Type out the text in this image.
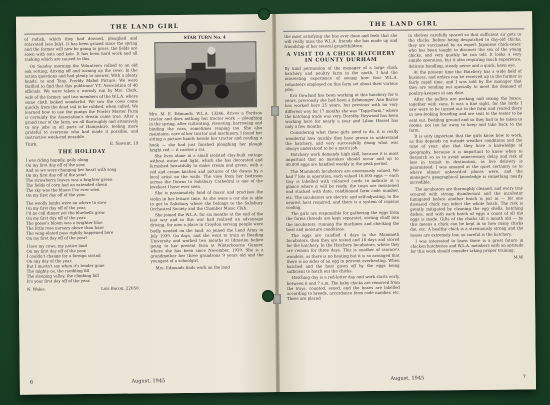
THE LAND GIRL

of radish, which they had dowsed, ploughed and rotavated (see July). It has been grazed since the spring and the farmer will now be going to grass, the fields are sown with oats and kale. It has been hard work and all ranking which are caused to this.

On Sunday morning the Volunteers rallied to an old oak setting, driving off and turning up the cows. In the action questions and had plenty to answer. With a plenty hands, to and Tony, Freddy Mabel Picture. We were thrilled to find that this publicans' Y.T. Association of 46 officials. We were taken a warmly run by Mrs. Clark, wife of the farmer, and two members of the W.L.A. where some cloth looked wonderful. We saw the cows come quickly from the dead tail to be rubbed, when called. We learned how to use the pumps the Fowler Master Farm is certainly the Association's dream come true. After a grand tour of the farm, we all thoroughly and attentively to any jobs in all parts of Hampshire, feeling more grateful to everyone who had made it possible, and instructive week-end possible.

Thirk.	E. Siavant, 19
THE HOLIDAY
I was riding happily, gaily along
On my first day off of the year,
And as we were changing her heart with song
On my first day off of the year!
The strawberry leaves was a brighter green
The fields of corn had an extended sheen
The sky was the bluest I've ever seen
On my first day off of the year.
The woolly lambs were on where to stew
On my first day off of the year,
I'd no call dinner yet the bluebells grow
On my first day off of the year.
The goose's bloom was a brighter blue
The little rose nursery above than haze
The wing-elated pass rightly happened here
On my first day off of the year!
I love my cows, my native land
On my first day off of the year,
I couldn't change for a foreign strand
On any day of the year.
But I mustn't say when it's tender gone
The mighty ox, the rambling fill
The sleeping valley, the climbing hill
It's your first day off of the year.
N. Wales.	Lois Bacon, 22050.
STAR TURN No. 4

Mrs. M. E. Edmunds, W.L.A. 13246, drives a Fordson tractor and does nothing but tractor work — ploughing in the spring, after cultivating, reversing, harrowing and binding the corn, sometimes reaping too. She also maintains, care of her tractor and machinery. I found her sitting a picture hands beside her tractor and reading a book — she had just finished ploughing her plough bright red — it carries a rat.

She lives alone in a small isolated clay-built cottage without water and light, which she has decorated and furnished beautifully to make cream and green, with a red and cream kitchen and pictures of the dawns by a local artist on the walls. The view from her bedroom across the Downs to Salisbury Cathedral is one of the loveliest I have ever seen.

She is passionately fond of music and practises the violin in her leisure time. As she owns a car she is able to get to Salisbury where she belongs to the Salisbury Orchestral Society and the Chamber Music Club.

She joined the W.L.A. for six months at the end of the last war and in this war had realised an advantage driving, for now a place in Croydon serving people were badly needed on the land, so joined the Land Army in July 1939. On days, and she went to train at Reading University and worked two months at Idmiston before going to her present farm at Winterbourne Gunner, where she has been since November, 1939. She is a grandmother her three grandsons 9 years old and the youngest of a schoolgirl.

Mrs. Edmunds finds work on the land

6	August, 1945
THE LAND GIRL

the most satisfying she has ever done and feels that she will really miss the W.L.A. friends she has made up and friendship of her several grandchildren.

A VISIT TO A CHICK HATCHERY IN COUNTY DURHAM

By kind permission of the manager of a large chick hatchery and poultry farm in the north, I had the interesting experience of seeing how four W.L.A. volunteers employed on this farm set about their various jobs.

Eva Gowland has been working at this hatchery for 6 years, previously she had been a fishmonger. Ann Barrie has worked here 25 years, but previous with no very different way for 17 months she was "Topp-Farm," where the hatching trade was very. Dorothy Heywood has been working here for nearly a year and Lilian Hassel has only a few months.

Considering what these girls need to do, it is really wonderful how quickly they have grown to understand the hatchery, and very successfully doing what was always understood to be a man's job.

Hatchery work demands high skill, because it is most important that no mistakes should occur and up to 40,000 eggs are handled weekly in the peak period.

The Mammoth Incubators are enormously valued. We had 7 lots in operation, each valued 16,000 eggs — each tray is labelled with coloured cards to indicate at a glance where it will be ready, the trays are moistened and stacked with date, conditioned farm code number, etc. The incubators are electric and self-adjusting, to the nearest heat required, and there is a system of copious cooling.

The girls are responsible for gathering the eggs from the farms (breeds are kept separate), sorting chaff into the incubators, running the machines and checking the heat and moisture conditions.

The eggs are candled 4 days in the Mammoth Incubators, then they are tested and 18 days and stored for the hatchery. In the Hatchery Incubators, where they are remain for three days. This is another of science's wonders, as there is no heating but it is so arranged that there is no sides of an egg to prevent overheating. When hatched and the heat given off by the eggs being sufficient to hatch out the chicks.

Hatching day is a red-letter day and work starts early, between 6 and 7 a.m. The baby chicks are removed from the trays, counted, sexed, and the boxes are labelled according to breeds, accordance farm code number, etc. These are placed

in shelves carefully spaced so that sufficient air gets to the chicks. Before being despatched to day-old chicks, they are vaccinated by an expert Japanese chick-sexer, who has been taught to discover the sex of the young chicks, and very quickly he can tell. It looks a very simple operation, but it also requiring much experience, delicate handling, steady nerve and a quick, keen eye.

At the present time the Hatchery has a wide field of business, and orders can be received up to the farmer in fairly rapid time, and I was told by the manager that they are sending out specially to meet the demand of poultry-keepers at any date.

After the pullets are packing and sexing the boxes, together with vans. It was a fine sight, for the birds I saw were to be turned out to the farm and reared there in new-looking breeding and are sent to the tester to be sent out. Bedding ground and so they had to be taken to rooms, not too far away to keep and take back to the farm.

It is very important that the girls know how to work, as this depends on outside weather conditions and the time of year; also that they have a knowledge of geography, because it is important to know when to despatch so as to avoid unnecessary delay and risk of loss in transit to destination, as live delivery is guaranteed. I was amazed at the quiet certainty as to where almost unheard-of places were, and the manager's geographical knowledge is something nearly incredible.

The incubators are thoroughly cleaned, and every tray scoured with strong disinfectant and the incubator fumigated before another batch is put in — for one diseased chick can infect the whole hatch. The risk is greatly mitigated by cleaning the egg shells, hatching dishes, and with each batch of eggs a count of all the eggs is made. Gifts of the chicks till a month old — by this means a chick can be kept in so how many chicks die, etc. A healthy chick is a strenuously strong and the losses are extremely low, so careful is the hatchery.

I was interested to learn there is a great future in chicken hatcheries and W.L.A. members with an aptitude for this work should consider taking proper training.

M.W.
August, 1945	7
